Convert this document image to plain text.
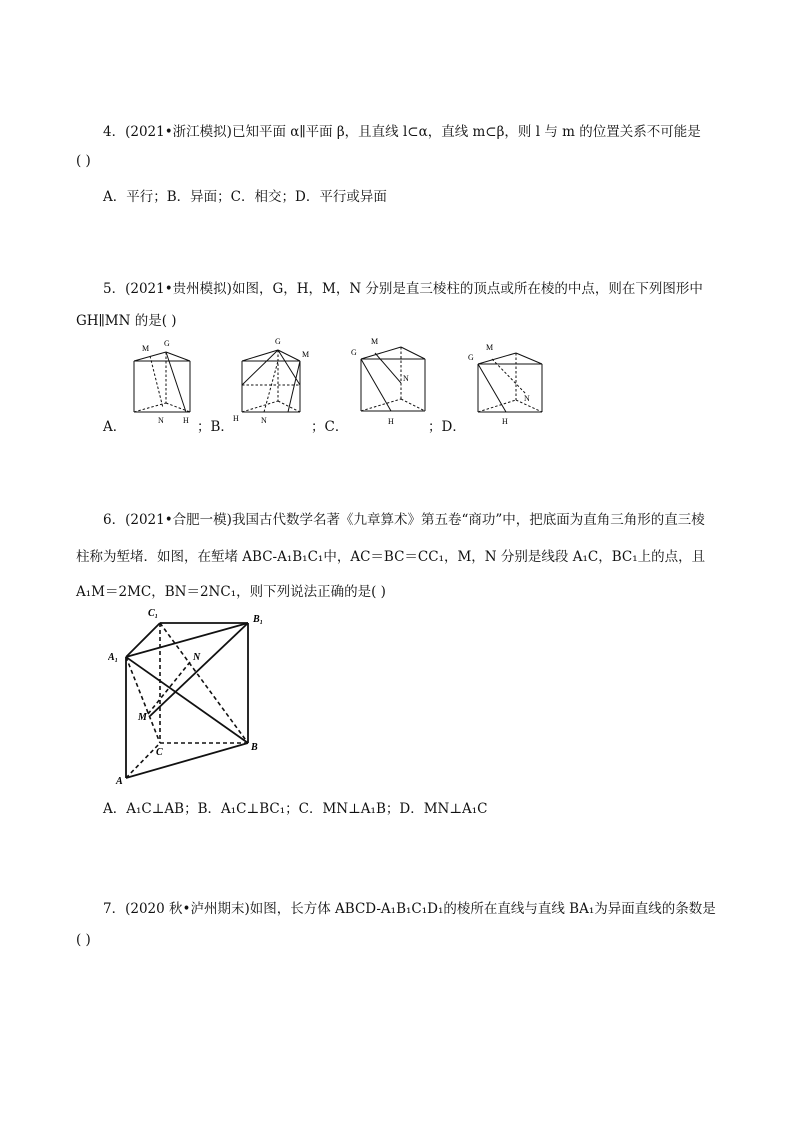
4．(2021•浙江模拟)已知平面 α∥平面 β，且直线 l⊂α，直线 m⊂β，则 l 与 m 的位置关系不可能是
( )
A．平行；B．异面；C．相交；D．平行或异面
5．(2021•贵州模拟)如图，G，H，M，N 分别是直三棱柱的顶点或所在棱的中点，则在下列图形中
GH∥MN 的是( )
A．	；B．	；C．	；D．
M
G
N H
G
M
H	N
G
M
N
H
G
M
N
H
6．(2021•合肥一模)我国古代数学名著《九章算术》第五卷“商功”中，把底面为直角三角形的直三棱
柱称为堑堵．如图，在堑堵 ABC-A₁B₁C₁中，AC＝BC＝CC₁，M，N 分别是线段 A₁C，BC₁上的点，且
A₁M＝2MC，BN＝2NC₁，则下列说法正确的是( )
C₁
B₁
A₁	N
M
C	B
A
A．A₁C⊥AB；B．A₁C⊥BC₁；C．MN⊥A₁B；D．MN⊥A₁C
7．(2020 秋•泸州期末)如图，长方体 ABCD-A₁B₁C₁D₁的棱所在直线与直线 BA₁为异面直线的条数是
( )
